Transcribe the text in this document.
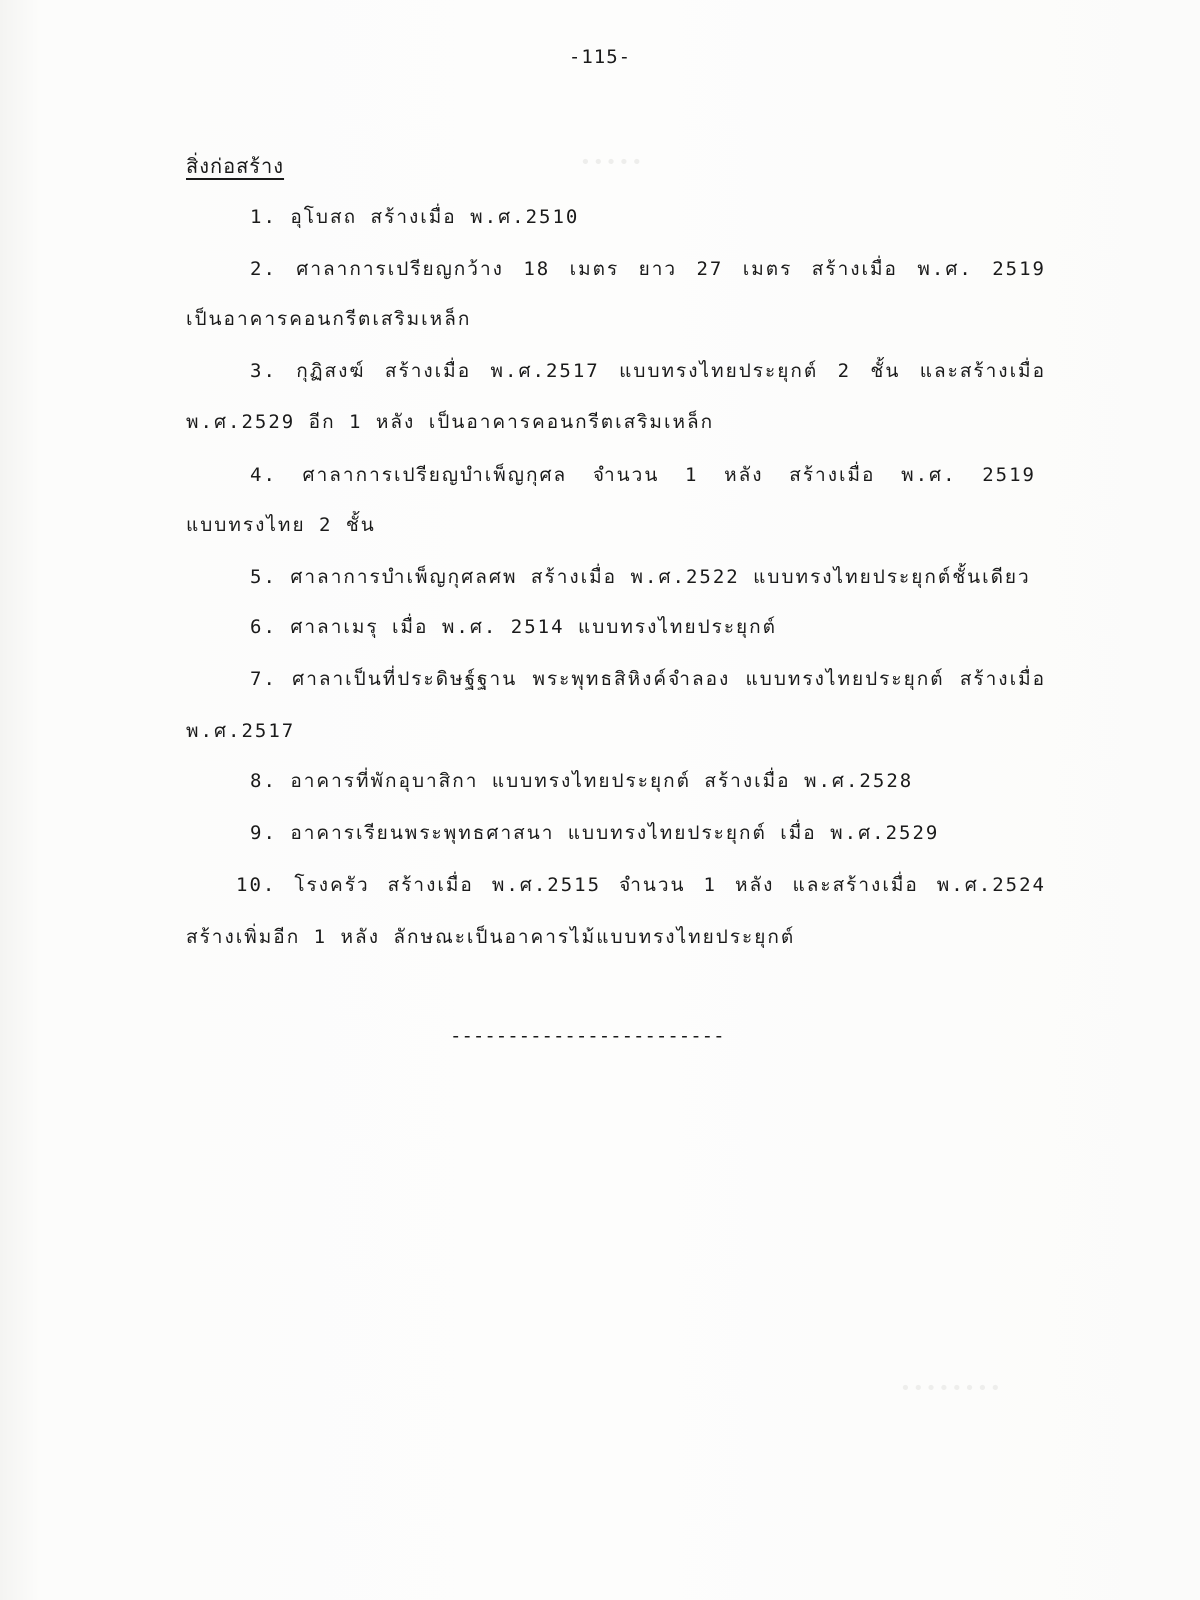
•••••
••••••••
-115-
สิ่งก่อสร้าง
1. อุโบสถ สร้างเมื่อ พ.ศ.2510
2. ศาลาการเปรียญกว้าง 18 เมตร ยาว 27 เมตร สร้างเมื่อ พ.ศ. 2519
เป็นอาคารคอนกรีตเสริมเหล็ก
3. กุฏิสงฆ์ สร้างเมื่อ พ.ศ.2517 แบบทรงไทยประยุกต์ 2 ชั้น และสร้างเมื่อ
พ.ศ.2529 อีก 1 หลัง เป็นอาคารคอนกรีตเสริมเหล็ก
4. ศาลาการเปรียญบำเพ็ญกุศล จำนวน 1 หลัง สร้างเมื่อ พ.ศ. 2519
แบบทรงไทย 2 ชั้น
5. ศาลาการบำเพ็ญกุศลศพ สร้างเมื่อ พ.ศ.2522 แบบทรงไทยประยุกต์ชั้นเดียว
6. ศาลาเมรุ เมื่อ พ.ศ. 2514 แบบทรงไทยประยุกต์
7. ศาลาเป็นที่ประดิษฐ์ฐาน พระพุทธสิหิงค์จำลอง แบบทรงไทยประยุกต์ สร้างเมื่อ
พ.ศ.2517
8. อาคารที่พักอุบาสิกา แบบทรงไทยประยุกต์ สร้างเมื่อ พ.ศ.2528
9. อาคารเรียนพระพุทธศาสนา แบบทรงไทยประยุกต์ เมื่อ พ.ศ.2529
10. โรงครัว สร้างเมื่อ พ.ศ.2515 จำนวน 1 หลัง และสร้างเมื่อ พ.ศ.2524
สร้างเพิ่มอีก 1 หลัง ลักษณะเป็นอาคารไม้แบบทรงไทยประยุกต์
------------------------
